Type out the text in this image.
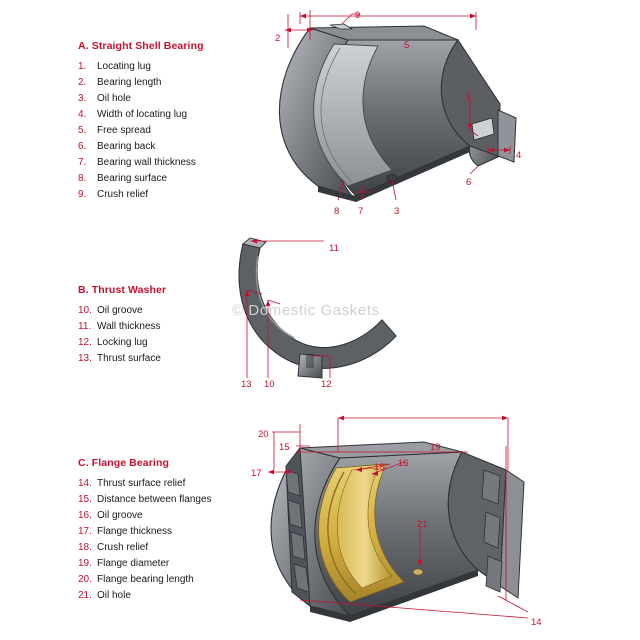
A. Straight Shell Bearing
1.	Locating lug
2.	Bearing length
3.	Oil hole
4.	Width of locating lug
5.	Free spread
6.	Bearing back
7.	Bearing wall thickness
8.	Bearing surface
9.	Crush relief
B. Thrust Washer
10. Oil groove
11. Wall thickness
12. Locking lug
13. Thrust surface
C. Flange Bearing
14. Thrust surface relief
15. Distance between flanges
16. Oil groove
17. Flange thickness
18. Crush relief
19. Flange diameter
20. Flange bearing length
21. Oil hole
9
2
5
1
4
6
8 7	3
11
13 10	12
20
15	19
17
18 16
21
14
© Domestic Gaskets
